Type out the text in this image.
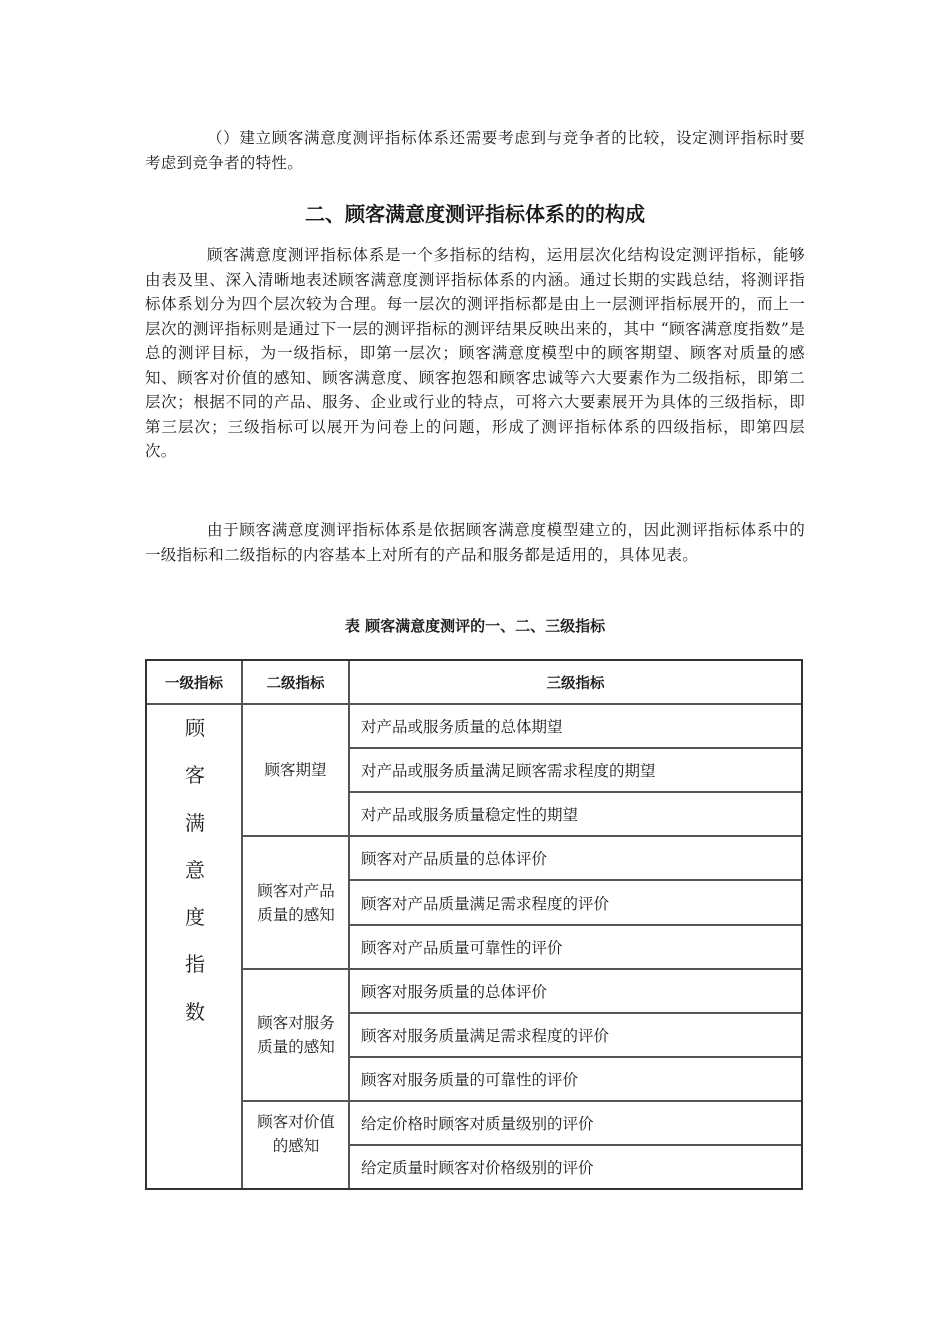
（）建立顾客满意度测评指标体系还需要考虑到与竞争者的比较，设定测评指标时要考虑到竞争者的特性。
二、顾客满意度测评指标体系的的构成
顾客满意度测评指标体系是一个多指标的结构，运用层次化结构设定测评指标，能够由表及里、深入清晰地表述顾客满意度测评指标体系的内涵。通过长期的实践总结，将测评指标体系划分为四个层次较为合理。每一层次的测评指标都是由上一层测评指标展开的，而上一层次的测评指标则是通过下一层的测评指标的测评结果反映出来的，其中 “顾客满意度指数”是总的测评目标，为一级指标，即第一层次；顾客满意度模型中的顾客期望、顾客对质量的感知、顾客对价值的感知、顾客满意度、顾客抱怨和顾客忠诚等六大要素作为二级指标，即第二层次；根据不同的产品、服务、企业或行业的特点，可将六大要素展开为具体的三级指标，即第三层次；三级指标可以展开为问卷上的问题，形成了测评指标体系的四级指标，即第四层次。
由于顾客满意度测评指标体系是依据顾客满意度模型建立的，因此测评指标体系中的一级指标和二级指标的内容基本上对所有的产品和服务都是适用的，具体见表。
表 顾客满意度测评的一、二、三级指标
一级指标	二级指标	三级指标
顾
客
满
意
度
指
数
顾客期望
顾客对产品质量的感知
顾客对服务质量的感知
顾客对价值的感知
对产品或服务质量的总体期望
对产品或服务质量满足顾客需求程度的期望
对产品或服务质量稳定性的期望
顾客对产品质量的总体评价
顾客对产品质量满足需求程度的评价
顾客对产品质量可靠性的评价
顾客对服务质量的总体评价
顾客对服务质量满足需求程度的评价
顾客对服务质量的可靠性的评价
给定价格时顾客对质量级别的评价
给定质量时顾客对价格级别的评价
